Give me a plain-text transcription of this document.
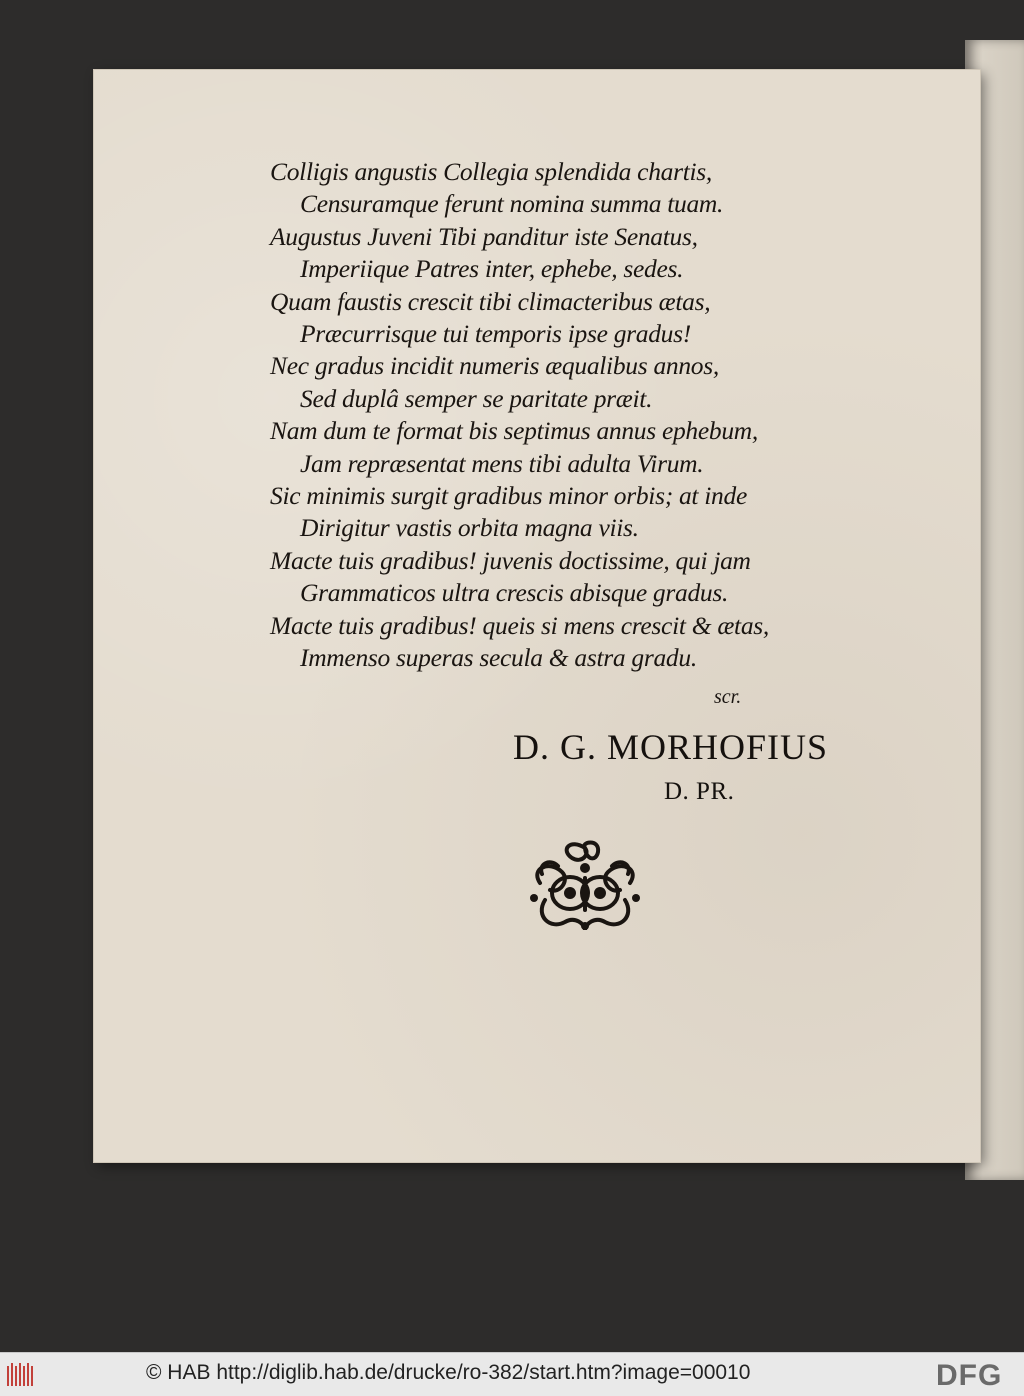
Colligis angustis Collegia splendida chartis,
Censuramque ferunt nomina summa tuam.
Augustus Juveni Tibi panditur iste Senatus,
Imperiique Patres inter, ephebe, sedes.
Quam faustis crescit tibi climacteribus ætas,
Præcurrisque tui temporis ipse gradus!
Nec gradus incidit numeris æqualibus annos,
Sed duplâ semper se paritate præit.
Nam dum te format bis septimus annus ephebum,
Jam repræsentat mens tibi adulta Virum.
Sic minimis surgit gradibus minor orbis; at inde
Dirigitur vastis orbita magna viis.
Macte tuis gradibus! juvenis doctissime, qui jam
Grammaticos ultra crescis abisque gradus.
Macte tuis gradibus! queis si mens crescit & ætas,
Immenso superas secula & astra gradu.
scr.
D. G. MORHOFIUS
D. PR.
© HAB http://diglib.hab.de/drucke/ro-382/start.htm?image=00010	DFG
